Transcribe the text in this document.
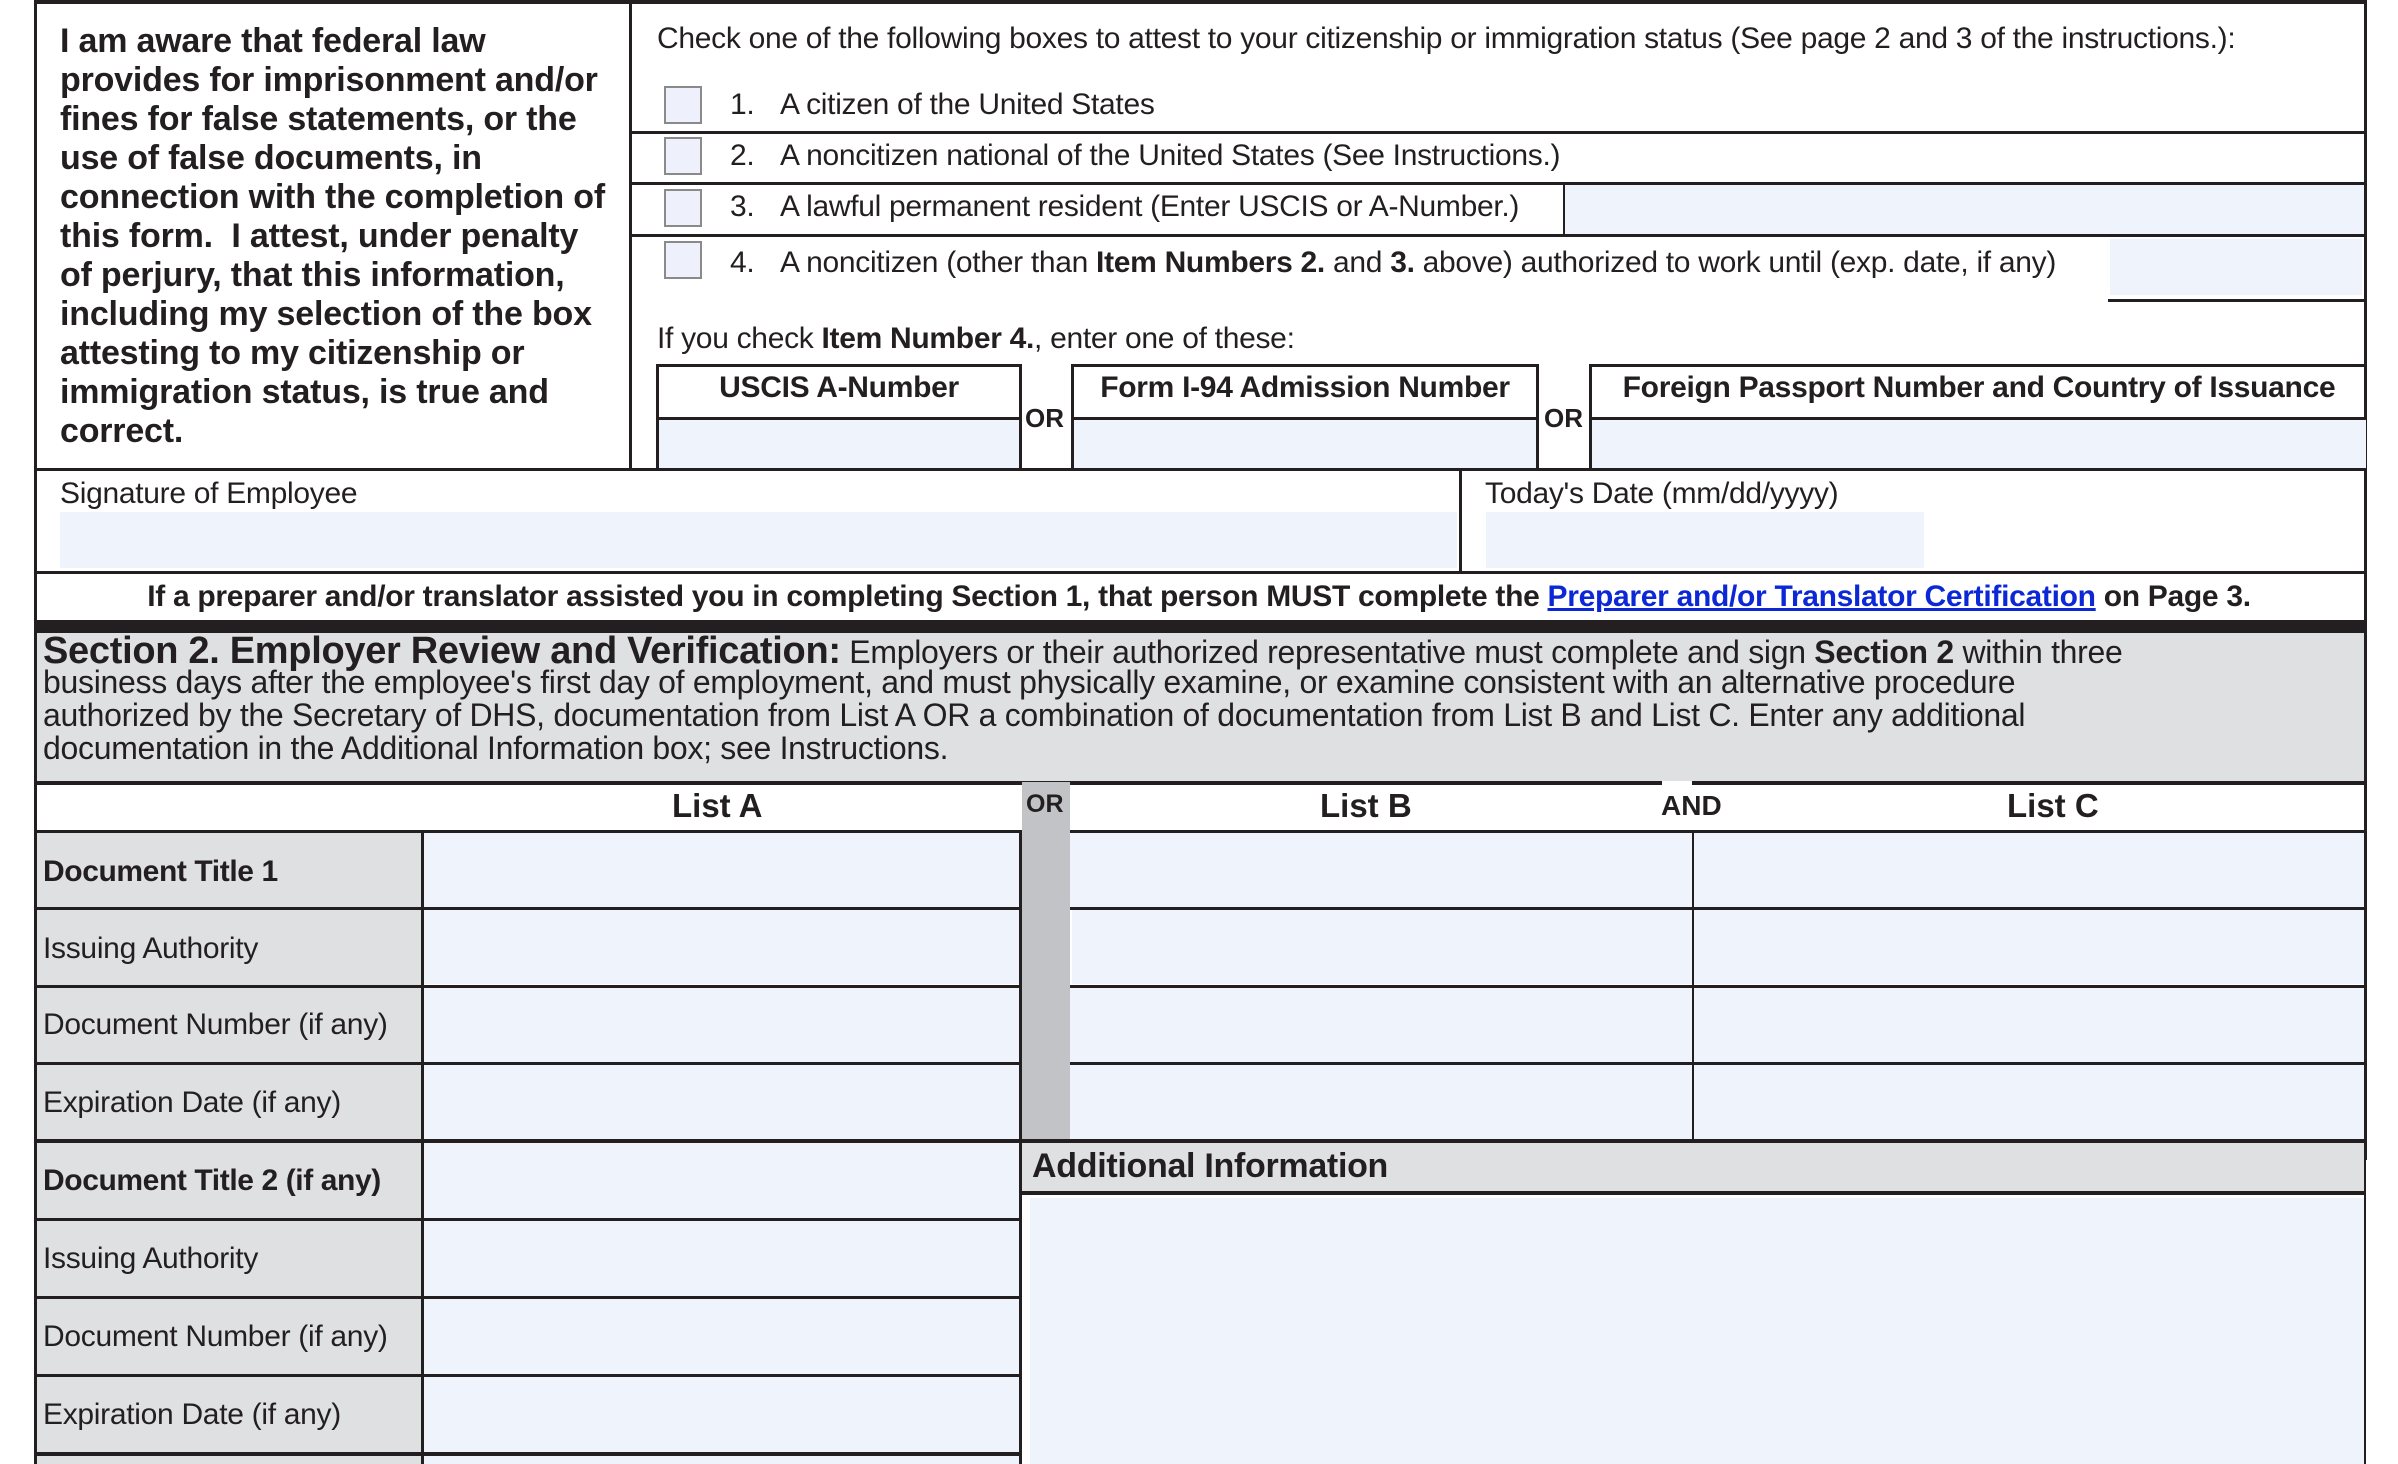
I am aware that federal law
provides for imprisonment and/or
fines for false statements, or the
use of false documents, in
connection with the completion of
this form.  I attest, under penalty
of perjury, that this information,
including my selection of the box
attesting to my citizenship or
immigration status, is true and
correct.
Check one of the following boxes to attest to your citizenship or immigration status (See page 2 and 3 of the instructions.):
1. A citizen of the United States
2. A noncitizen national of the United States (See Instructions.)
3. A lawful permanent resident (Enter USCIS or A-Number.)
4. A noncitizen (other than Item Numbers 2. and 3. above) authorized to work until (exp. date, if any)
If you check Item Number 4., enter one of these:
USCIS A-Number
OR
Form I-94 Admission Number
OR
Foreign Passport Number and Country of Issuance
Signature of Employee	Today's Date (mm/dd/yyyy)
If a preparer and/or translator assisted you in completing Section 1, that person MUST complete the Preparer and/or Translator Certification on Page 3.
Section 2. Employer Review and Verification: Employers or their authorized representative must complete and sign Section 2 within three
business days after the employee's first day of employment, and must physically examine, or examine consistent with an alternative procedure
authorized by the Secretary of DHS, documentation from List A OR a combination of documentation from List B and List C. Enter any additional
documentation in the Additional Information box; see Instructions.
OR
List A	List B	AND	List C
Document Title 1
Issuing Authority
Document Number (if any)
Expiration Date (if any)
Additional Information
Document Title 2 (if any)
Issuing Authority
Document Number (if any)
Expiration Date (if any)
